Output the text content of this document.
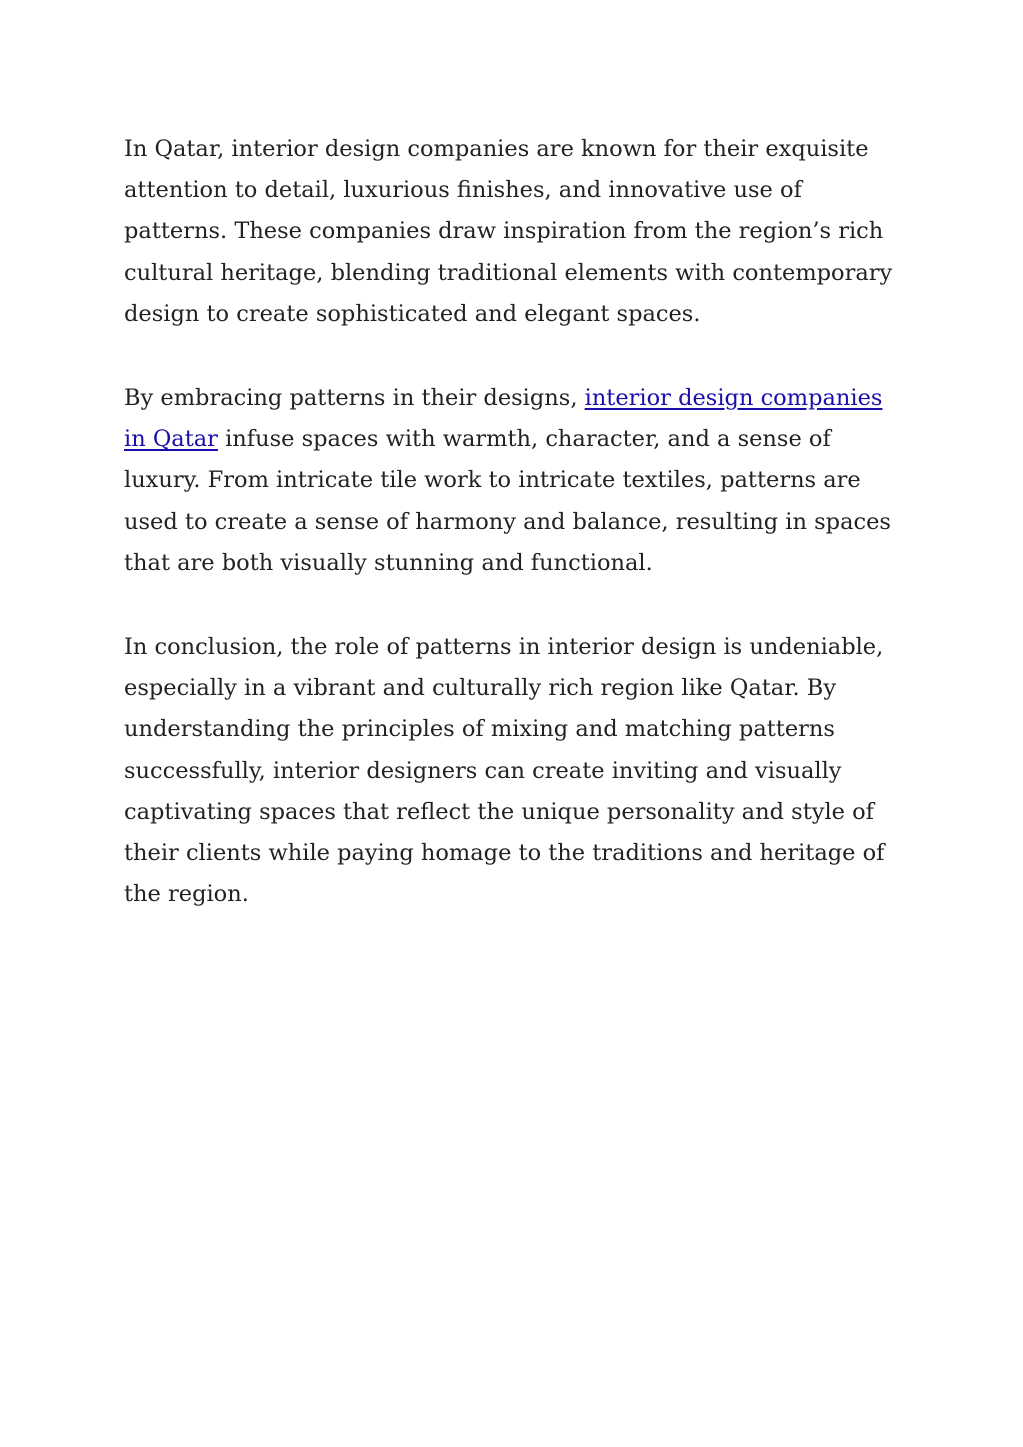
In Qatar, interior design companies are known for their exquisite attention to detail, luxurious finishes, and innovative use of patterns. These companies draw inspiration from the region’s rich cultural heritage, blending traditional elements with contemporary design to create sophisticated and elegant spaces.

By embracing patterns in their designs, interior design companies in Qatar infuse spaces with warmth, character, and a sense of luxury. From intricate tile work to intricate textiles, patterns are used to create a sense of harmony and balance, resulting in spaces that are both visually stunning and functional.

In conclusion, the role of patterns in interior design is undeniable, especially in a vibrant and culturally rich region like Qatar. By understanding the principles of mixing and matching patterns successfully, interior designers can create inviting and visually captivating spaces that reflect the unique personality and style of their clients while paying homage to the traditions and heritage of the region.
